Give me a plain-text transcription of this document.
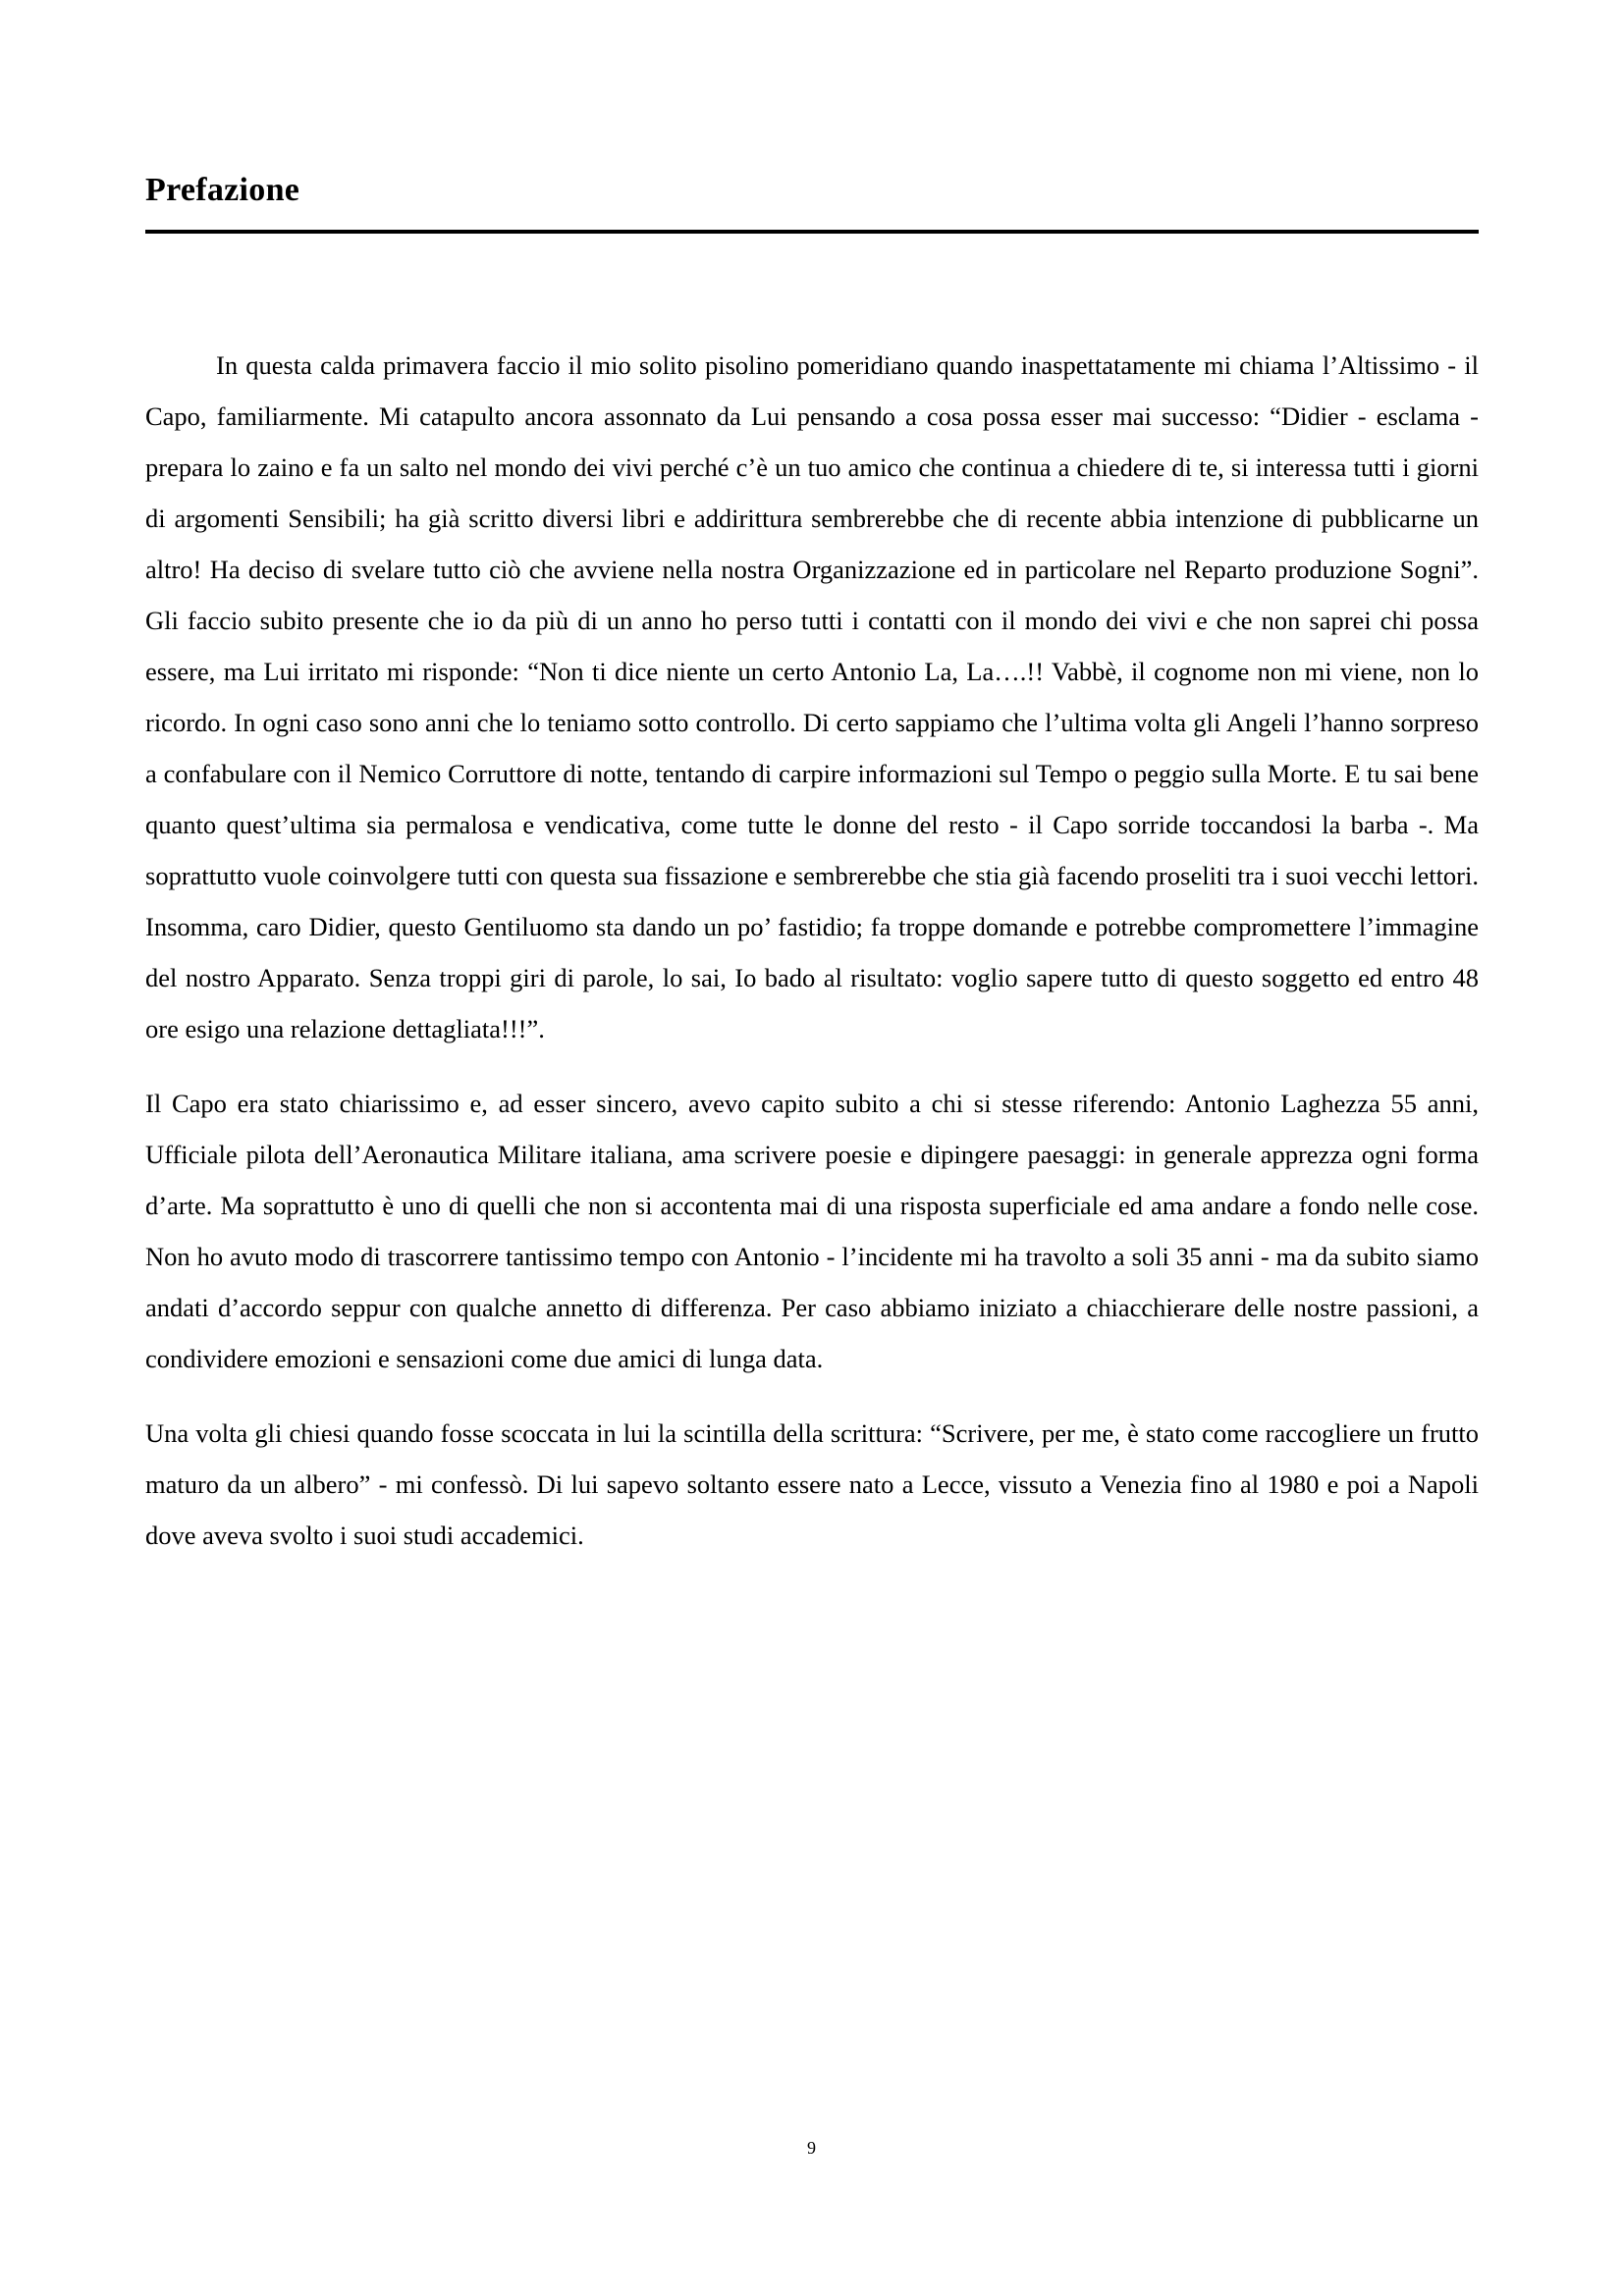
Prefazione

In questa calda primavera faccio il mio solito pisolino pomeridiano quando inaspettatamente mi chiama l’Altissimo - il Capo, familiarmente. Mi catapulto ancora assonnato da Lui pensando a cosa possa esser mai successo: “Didier - esclama - prepara lo zaino e fa un salto nel mondo dei vivi perché c’è un tuo amico che continua a chiedere di te, si interessa tutti i giorni di argomenti Sensibili; ha già scritto diversi libri e addirittura sembrerebbe che di recente abbia intenzione di pubblicarne un altro! Ha deciso di svelare tutto ciò che avviene nella nostra Organizzazione ed in particolare nel Reparto produzione Sogni”. Gli faccio subito presente che io da più di un anno ho perso tutti i contatti con il mondo dei vivi e che non saprei chi possa essere, ma Lui irritato mi risponde: “Non ti dice niente un certo Antonio La, La….!! Vabbè, il cognome non mi viene, non lo ricordo. In ogni caso sono anni che lo teniamo sotto controllo. Di certo sappiamo che l’ultima volta gli Angeli l’hanno sorpreso a confabulare con il Nemico Corruttore di notte, tentando di carpire informazioni sul Tempo o peggio sulla Morte. E tu sai bene quanto quest’ultima sia permalosa e vendicativa, come tutte le donne del resto - il Capo sorride toccandosi la barba -. Ma soprattutto vuole coinvolgere tutti con questa sua fissazione e sembrerebbe che stia già facendo proseliti tra i suoi vecchi lettori. Insomma, caro Didier, questo Gentiluomo sta dando un po’ fastidio; fa troppe domande e potrebbe compromettere l’immagine del nostro Apparato. Senza troppi giri di parole, lo sai, Io bado al risultato: voglio sapere tutto di questo soggetto ed entro 48 ore esigo una relazione dettagliata!!!”.

Il Capo era stato chiarissimo e, ad esser sincero, avevo capito subito a chi si stesse riferendo: Antonio Laghezza 55 anni, Ufficiale pilota dell’Aeronautica Militare italiana, ama scrivere poesie e dipingere paesaggi: in generale apprezza ogni forma d’arte. Ma soprattutto è uno di quelli che non si accontenta mai di una risposta superficiale ed ama andare a fondo nelle cose. Non ho avuto modo di trascorrere tantissimo tempo con Antonio - l’incidente mi ha travolto a soli 35 anni - ma da subito siamo andati d’accordo seppur con qualche annetto di differenza. Per caso abbiamo iniziato a chiacchierare delle nostre passioni, a condividere emozioni e sensazioni come due amici di lunga data.

Una volta gli chiesi quando fosse scoccata in lui la scintilla della scrittura: “Scrivere, per me, è stato come raccogliere un frutto maturo da un albero” - mi confessò. Di lui sapevo soltanto essere nato a Lecce, vissuto a Venezia fino al 1980 e poi a Napoli dove aveva svolto i suoi studi accademici.

9
